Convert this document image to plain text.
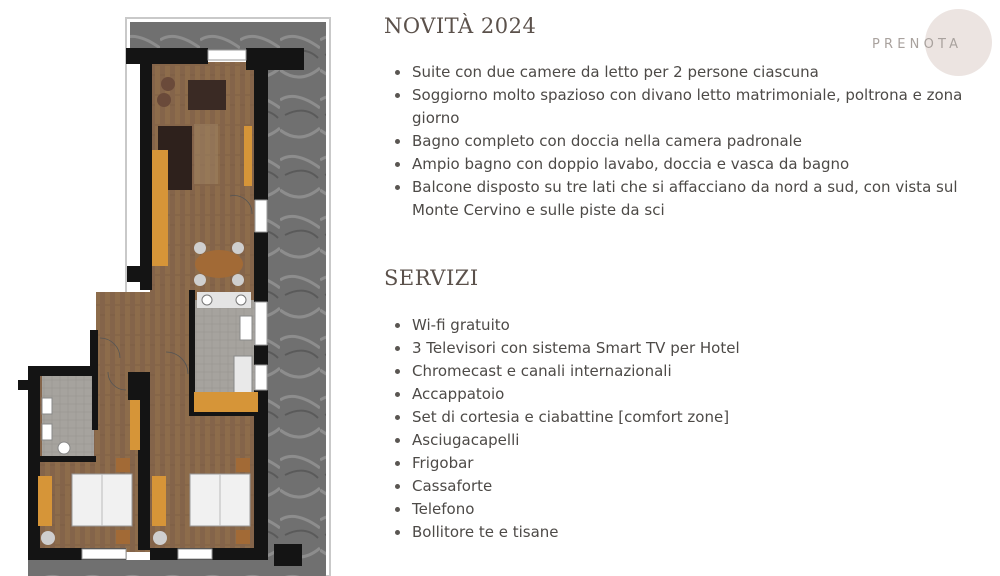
NOVITÀ 2024
Suite con due camere da letto per 2 persone ciascuna
Soggiorno molto spazioso con divano letto matrimoniale, poltrona e zona giorno
Bagno completo con doccia nella camera padronale
Ampio bagno con doppio lavabo, doccia e vasca da bagno
Balcone disposto su tre lati che si affacciano da nord a sud, con vista sul Monte Cervino e sulle piste da sci
SERVIZI
Wi-fi gratuito
3 Televisori con sistema Smart TV per Hotel
Chromecast e canali internazionali
Accappatoio
Set di cortesia e ciabattine [comfort zone]
Asciugacapelli
Frigobar
Cassaforte
Telefono
Bollitore te e tisane
PRENOTA
